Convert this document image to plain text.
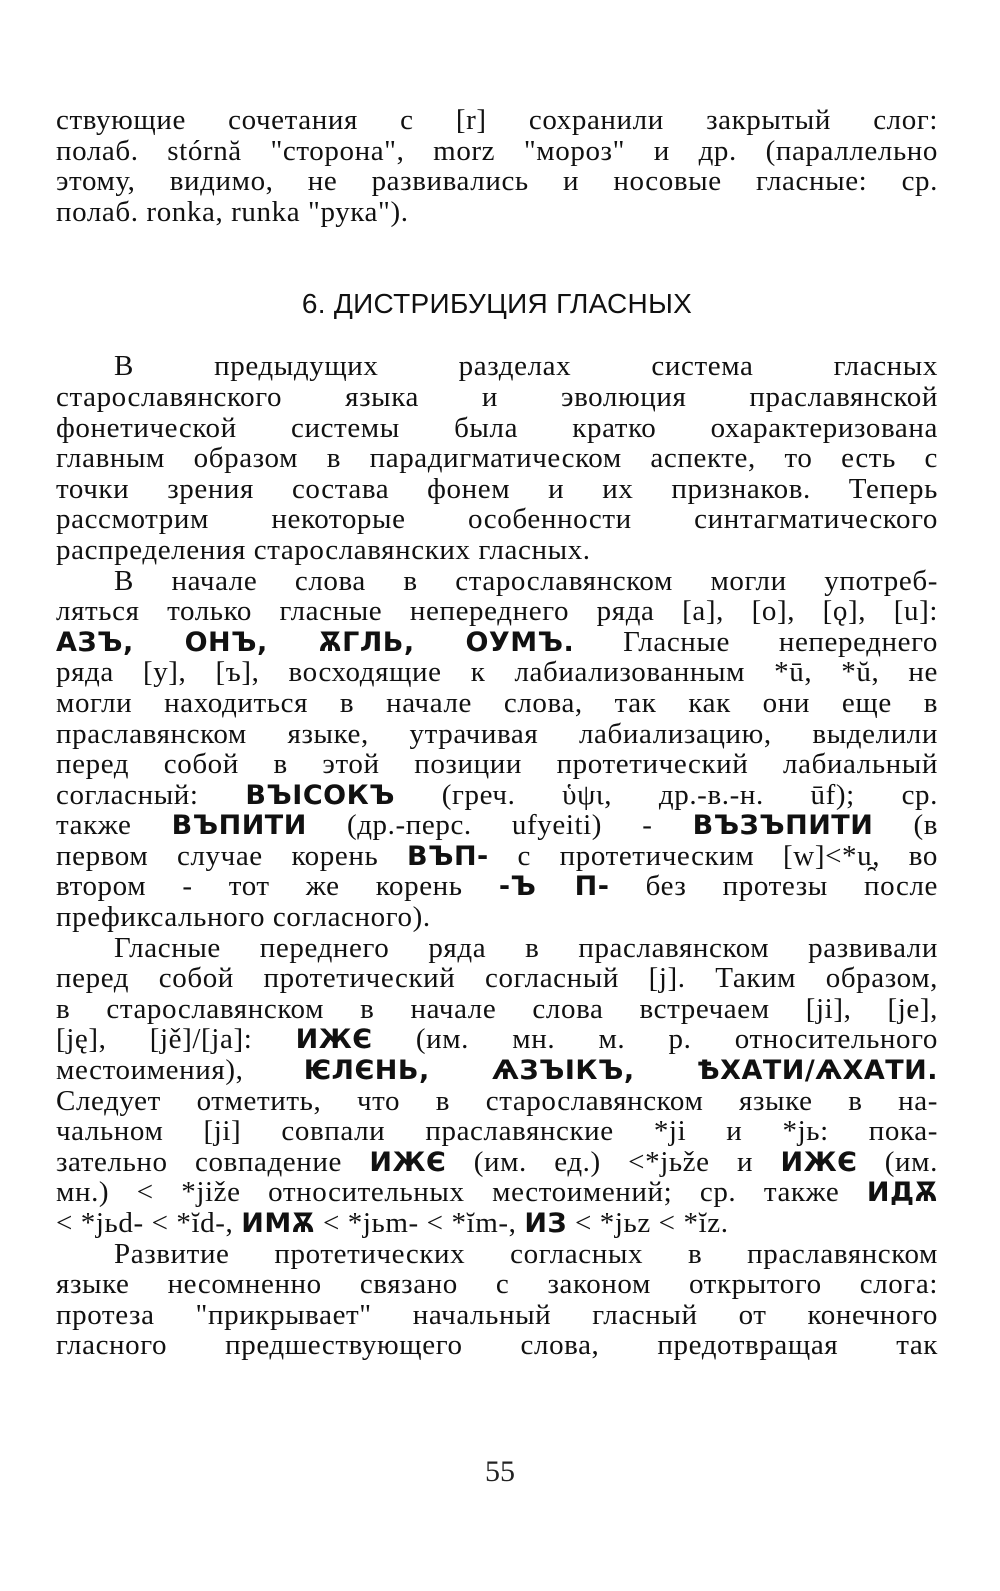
ствующие сочетания с [r] сохранили закрытый слог:
полаб. stórnă "сторона", morz "мороз" и др. (параллельно
этому, видимо, не развивались и носовые гласные: ср.
полаб. ronka, runka "рука").
6. ДИСТРИБУЦИЯ ГЛАСНЫХ
В предыдущих разделах система гласных
старославянского языка и эволюция праславянской
фонетической системы была кратко охарактеризована
главным образом в парадигматическом аспекте, то есть с
точки зрения состава фонем и их признаков. Теперь
рассмотрим некоторые особенности синтагматического
распределения старославянских гласных.
В начале слова в старославянском могли употреб-
ляться только гласные непереднего ряда [a], [o], [ǫ], [u]:
ΑЗЪ, ОНЪ, ѪГЛЬ, ОУМЪ. Гласные непереднего
ряда [y], [ъ], восходящие к лабиализованным *ū, *ŭ, не
могли находиться в начале слова, так как они еще в
праславянском языке, утрачивая лабиализацию, выделили
перед собой в этой позиции протетический лабиальный
согласный: ВЪІСОКЪ (греч. ὑψι, др.-в.-н. ūf); ср.
также ВЪПИТИ (др.-перс. ufyeiti) - ВЪЗЪПИТИ (в
первом случае корень ВЪП- с протетическим [w]<*u̯, во
втором - тот же корень -Ъ П- без протезы после
префиксального согласного).
Гласные переднего ряда в праславянском развивали
перед собой протетический согласный [j]. Таким образом,
в старославянском в начале слова встречаем [ji], [je],
[ję], [jě]/[ja]: ИЖЄ (им. мн. м. р. относительного
местоимения), ѤЛЄНЬ, ѦЗЪІКЪ, ѢХАТИ/ѦХАТИ.
Следует отметить, что в старославянском языке в на-
чальном [ji] совпали праславянские *ji и *jь: пока-
зательно совпадение ИЖЄ (им. ед.) <*jьže и ИЖЄ (им.
мн.) < *jiže относительных местоимений; ср. также ИДѪ
< *jьd- < *ĭd-, ИМѪ < *jьm- < *ĭm-, ИЗ < *jьz < *ĭz.
Развитие протетических согласных в праславянском
языке несомненно связано с законом открытого слога:
протеза "прикрывает" начальный гласный от конечного
гласного предшествующего слова, предотвращая так
55
